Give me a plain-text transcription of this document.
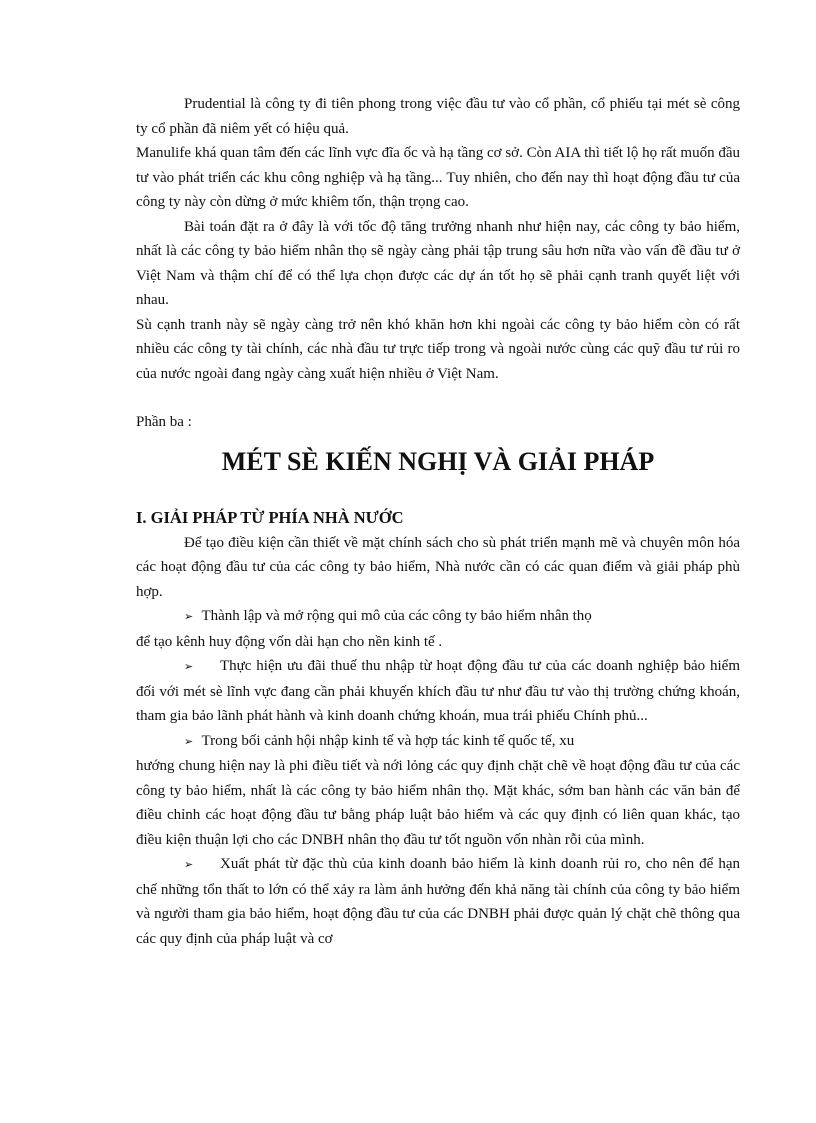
Prudential là công ty đi tiên phong trong việc đầu tư vào cổ phần, cổ phiếu tại mét sè công ty cổ phần đã niêm yết có hiệu quả.

Manulife khá quan tâm đến các lĩnh vực đĩa ốc và hạ tầng cơ sở. Còn AIA thì tiết lộ họ rất muốn đầu tư vào phát triển các khu công nghiệp và hạ tầng... Tuy nhiên, cho đến nay thì hoạt động đầu tư của công ty này còn dừng ở mức khiêm tốn, thận trọng cao.

Bài toán đặt ra ở đây là với tốc độ tăng trưởng nhanh như hiện nay, các công ty bảo hiểm, nhất là các công ty bảo hiểm nhân thọ sẽ ngày càng phải tập trung sâu hơn nữa vào vấn đề đầu tư ở Việt Nam và thậm chí để có thể lựa chọn được các dự án tốt họ sẽ phải cạnh tranh quyết liệt với nhau.

Sù cạnh tranh này sẽ ngày càng trở nên khó khăn hơn khi ngoài các công ty bảo hiểm còn có rất nhiều các công ty tài chính, các nhà đầu tư trực tiếp trong và ngoài nước cùng các quỹ đầu tư rủi ro của nước ngoài đang ngày càng xuất hiện nhiều ở Việt Nam.

Phần ba :

MÉT SÈ KIẾN NGHỊ VÀ GIẢI PHÁP
I. GIẢI PHÁP TỪ PHÍA NHÀ NƯỚC

Để tạo điều kiện cần thiết về mặt chính sách cho sù phát triển mạnh mẽ và chuyên môn hóa các hoạt động đầu tư của các công ty bảo hiểm, Nhà nước cần có các quan điểm và giải pháp phù hợp.

➢ Thành lập và mở rộng qui mô của các công ty bảo hiểm nhân thọ
để tạo kênh huy động vốn dài hạn cho nền kinh tế .
➢ Thực hiện ưu đãi thuế thu nhập từ hoạt động đầu tư của các doanh nghiệp bảo hiểm đối với mét sè lĩnh vực đang cần phải khuyến khích đầu tư như đầu tư vào thị trường chứng khoán, tham gia bảo lãnh phát hành và kinh doanh chứng khoán, mua trái phiếu Chính phủ...
➢ Trong bối cảnh hội nhập kinh tế và hợp tác kinh tế quốc tế, xu
hướng chung hiện nay là phi điều tiết và nới lỏng các quy định chặt chẽ về hoạt động đầu tư của các công ty bảo hiểm, nhất là các công ty bảo hiểm nhân thọ. Mặt khác, sớm ban hành các văn bản để điều chỉnh các hoạt động đầu tư bằng pháp luật bảo hiểm và các quy định có liên quan khác, tạo điều kiện thuận lợi cho các DNBH nhân thọ đầu tư tốt nguồn vốn nhàn rỗi của mình.
➢ Xuất phát từ đặc thù của kinh doanh bảo hiểm là kinh doanh rủi ro, cho nên để hạn chế những tổn thất to lớn có thể xảy ra làm ảnh hưởng đến khả năng tài chính của công ty bảo hiểm và người tham gia bảo hiểm, hoạt động đầu tư của các DNBH phải được quản lý chặt chẽ thông qua các quy định của pháp luật và cơ
